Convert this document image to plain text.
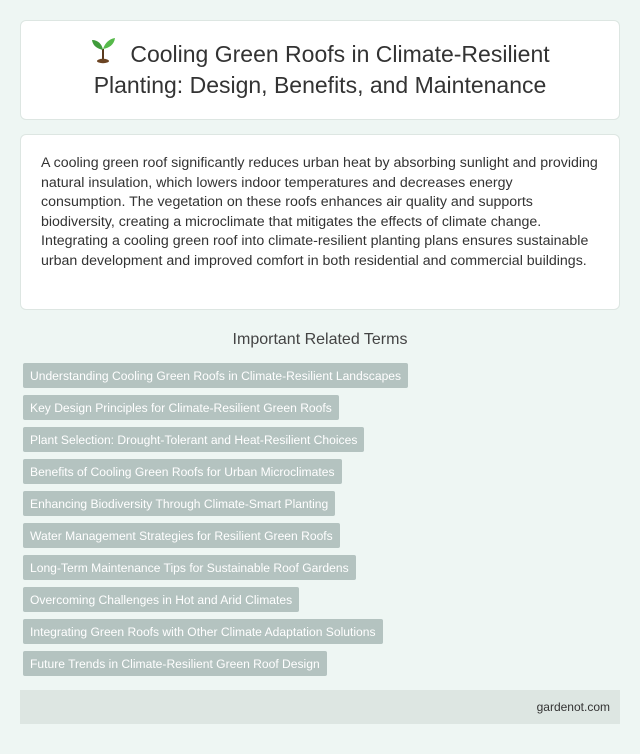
Cooling Green Roofs in Climate-Resilient Planting: Design, Benefits, and Maintenance

A cooling green roof significantly reduces urban heat by absorbing sunlight and providing natural insulation, which lowers indoor temperatures and decreases energy consumption. The vegetation on these roofs enhances air quality and supports biodiversity, creating a microclimate that mitigates the effects of climate change. Integrating a cooling green roof into climate-resilient planting plans ensures sustainable urban development and improved comfort in both residential and commercial buildings.

Important Related Terms
Understanding Cooling Green Roofs in Climate-Resilient Landscapes
Key Design Principles for Climate-Resilient Green Roofs
Plant Selection: Drought-Tolerant and Heat-Resilient Choices
Benefits of Cooling Green Roofs for Urban Microclimates
Enhancing Biodiversity Through Climate-Smart Planting
Water Management Strategies for Resilient Green Roofs
Long-Term Maintenance Tips for Sustainable Roof Gardens
Overcoming Challenges in Hot and Arid Climates
Integrating Green Roofs with Other Climate Adaptation Solutions
Future Trends in Climate-Resilient Green Roof Design
gardenot.com
